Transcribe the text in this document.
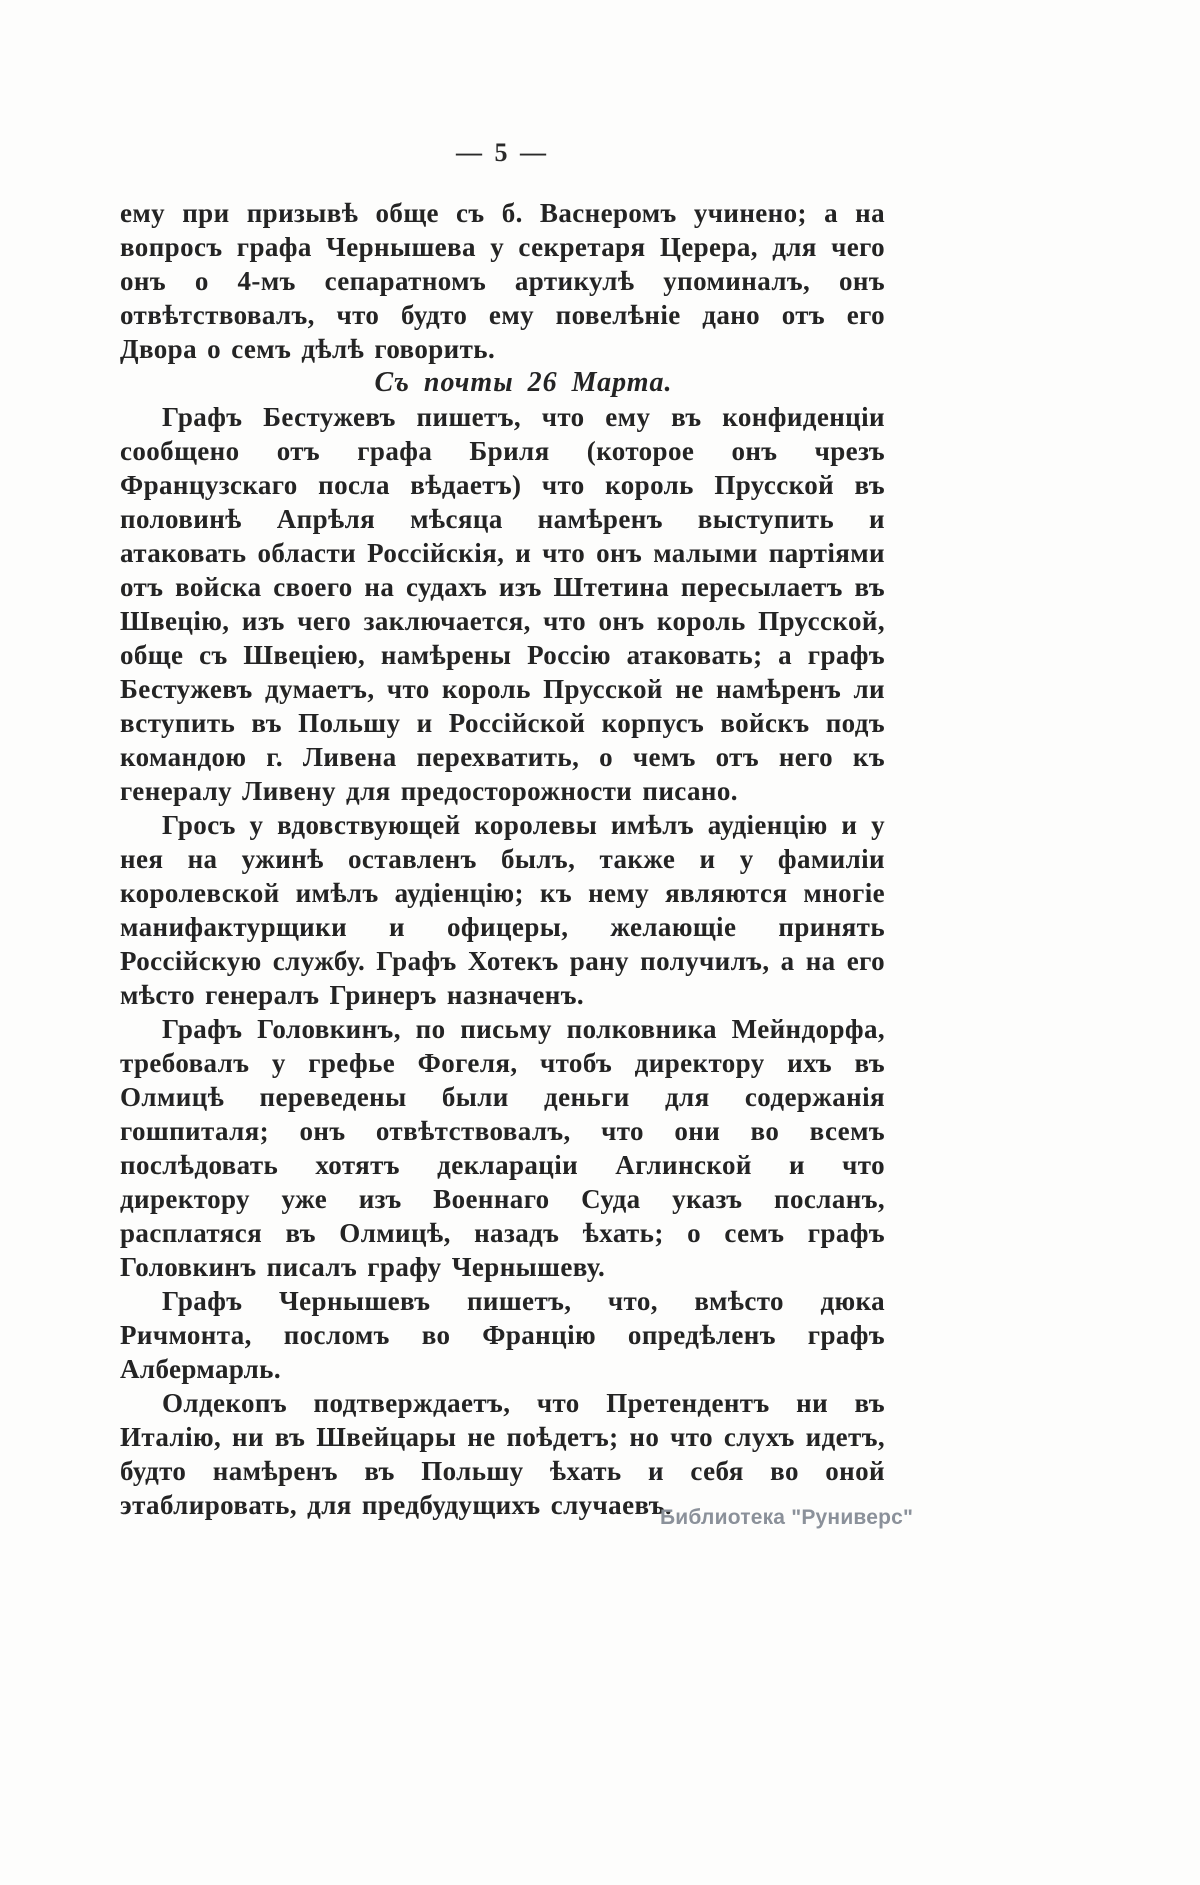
— 5 —

ему при призывѣ обще съ б. Васнеромъ учинено; а на вопросъ графа Чернышева у секретаря Церера, для чего онъ о 4-мъ сепаратномъ артикулѣ упоминалъ, онъ отвѣтствовалъ, что будто ему повелѣніе дано отъ его Двора о семъ дѣлѣ говорить.

Съ почты 26 Марта.

Графъ Бестужевъ пишетъ, что ему въ конфиденціи сообщено отъ графа Бриля (которое онъ чрезъ Французскаго посла вѣдаетъ) что король Прусской въ половинѣ Апрѣля мѣсяца намѣренъ выступить и атаковать области Россійскія, и что онъ малыми партіями отъ войска своего на судахъ изъ Штетина пересылаетъ въ Швецію, изъ чего заключается, что онъ король Прусской, обще съ Швеціею, намѣрены Россію атаковать; а графъ Бестужевъ думаетъ, что король Прусской не намѣренъ ли вступить въ Польшу и Россійской корпусъ войскъ подъ командою г. Ливена перехватить, о чемъ отъ него къ генералу Ливену для предосторожности писано.

Гросъ у вдовствующей королевы имѣлъ аудіенцію и у нея на ужинѣ оставленъ былъ, также и у фамиліи королевской имѣлъ аудіенцію; къ нему являются многіе манифактурщики и офицеры, желающіе принять Россійскую службу. Графъ Хотекъ рану получилъ, а на его мѣсто генералъ Гринеръ назначенъ.

Графъ Головкинъ, по письму полковника Мейндорфа, требовалъ у грефье Фогеля, чтобъ директору ихъ въ Олмицѣ переведены были деньги для содержанія гошпиталя; онъ отвѣтствовалъ, что они во всемъ послѣдовать хотятъ деклараціи Аглинской и что директору уже изъ Военнаго Суда указъ посланъ, расплатяся въ Олмицѣ, назадъ ѣхать; о семъ графъ Головкинъ писалъ графу Чернышеву.

Графъ Чернышевъ пишетъ, что, вмѣсто дюка Ричмонта, посломъ во Францію опредѣленъ графъ Албермарль.

Олдекопъ подтверждаетъ, что Претендентъ ни въ Италію, ни въ Швейцары не поѣдетъ; но что слухъ идетъ, будто намѣренъ въ Польшу ѣхать и себя во оной этаблировать, для предбудущихъ случаевъ.

Библиотека "Руниверс"
